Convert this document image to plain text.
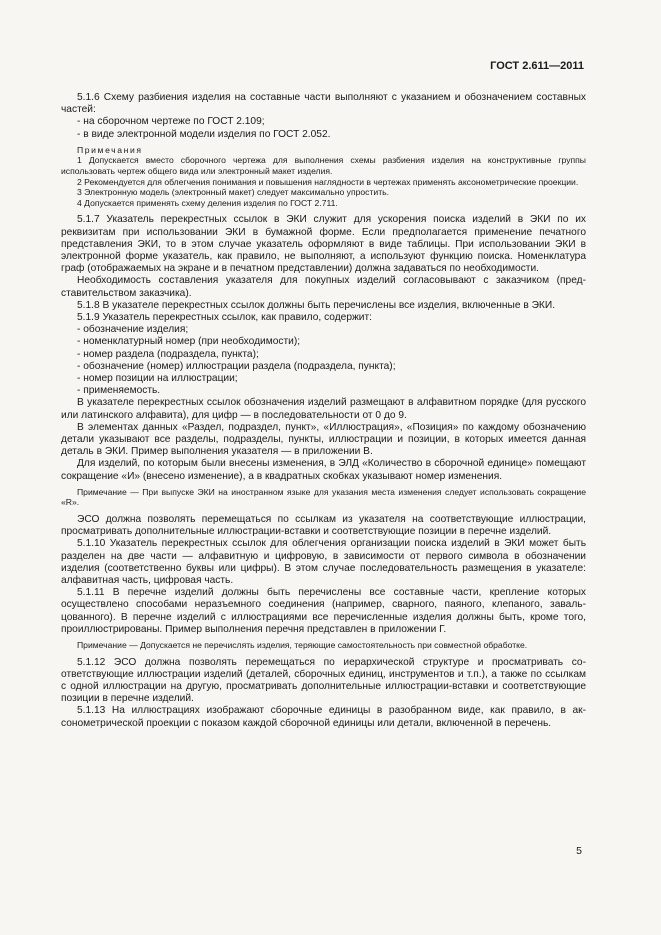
ГОСТ 2.611—2011

5.1.6 Схему разбиения изделия на составные части выполняют с указанием и обозначением составных частей:

- на сборочном чертеже по ГОСТ 2.109;

- в виде электронной модели изделия по ГОСТ 2.052.

Примечания

1 Допускается вместо сборочного чертежа для выполнения схемы разбиения изделия на конструктивные группы использовать чертеж общего вида или электронный макет изделия.

2 Рекомендуется для облегчения понимания и повышения наглядности в чертежах применять аксонометрические проекции.

3 Электронную модель (электронный макет) следует максимально упростить.

4 Допускается применять схему деления изделия по ГОСТ 2.711.

5.1.7 Указатель перекрестных ссылок в ЭКИ служит для ускорения поиска изделий в ЭКИ по их реквизитам при использовании ЭКИ в бумажной форме. Если предполагается применение печатного представления ЭКИ, то в этом случае указатель оформляют в виде таблицы. При использовании ЭКИ в электронной форме указатель, как правило, не выполняют, а используют функцию поиска. Номенклатура граф (отображаемых на экране и в печатном представлении) должна задаваться по необходимости.

Необходимость составления указателя для покупных изделий согласовывают с заказчиком (представительством заказчика).

5.1.8 В указателе перекрестных ссылок должны быть перечислены все изделия, включенные в ЭКИ.

5.1.9 Указатель перекрестных ссылок, как правило, содержит:

- обозначение изделия;

- номенклатурный номер (при необходимости);

- номер раздела (подраздела, пункта);

- обозначение (номер) иллюстрации раздела (подраздела, пункта);

- номер позиции на иллюстрации;

- применяемость.

В указателе перекрестных ссылок обозначения изделий размещают в алфавитном порядке (для русского или латинского алфавита), для цифр — в последовательности от 0 до 9.

В элементах данных «Раздел, подраздел, пункт», «Иллюстрация», «Позиция» по каждому обозначению детали указывают все разделы, подразделы, пункты, иллюстрации и позиции, в которых имеется данная деталь в ЭКИ. Пример выполнения указателя — в приложении В.

Для изделий, по которым были внесены изменения, в ЭЛД «Количество в сборочной единице» помещают сокращение «И» (внесено изменение), а в квадратных скобках указывают номер изменения.

Примечание — При выпуске ЭКИ на иностранном языке для указания места изменения следует использовать сокращение «R».

ЭСО должна позволять перемещаться по ссылкам из указателя на соответствующие иллюстрации, просматривать дополнительные иллюстрации-вставки и соответствующие позиции в перечне изделий.

5.1.10 Указатель перекрестных ссылок для облегчения организации поиска изделий в ЭКИ может быть разделен на две части — алфавитную и цифровую, в зависимости от первого символа в обозначении изделия (соответственно буквы или цифры). В этом случае последовательность размещения в указателе: алфавитная часть, цифровая часть.

5.1.11 В перечне изделий должны быть перечислены все составные части, крепление которых осуществлено способами неразъемного соединения (например, сварного, паяного, клепаного, завальцованного). В перечне изделий с иллюстрациями все перечисленные изделия должны быть, кроме того, проиллюстрированы. Пример выполнения перечня представлен в приложении Г.

Примечание — Допускается не перечислять изделия, теряющие самостоятельность при совместной обработке.

5.1.12 ЭСО должна позволять перемещаться по иерархической структуре и просматривать соответствующие иллюстрации изделий (деталей, сборочных единиц, инструментов и т.п.), а также по ссылкам с одной иллюстрации на другую, просматривать дополнительные иллюстрации-вставки и соответствующие позиции в перечне изделий.

5.1.13 На иллюстрациях изображают сборочные единицы в разобранном виде, как правило, в аксонометрической проекции с показом каждой сборочной единицы или детали, включенной в перечень.

5
